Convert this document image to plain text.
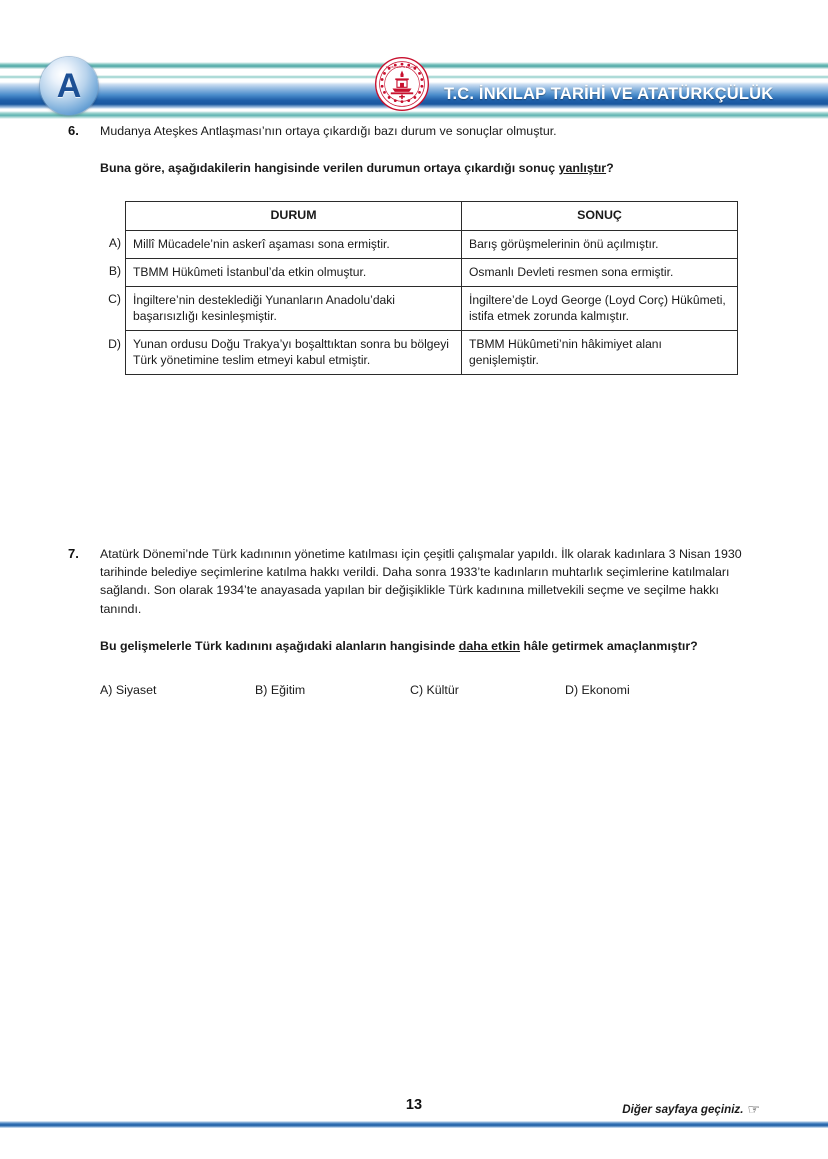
A	T.C. MİLLÎ EĞİTİM BAKANLIĞI
T.C. İNKILAP TARİHİ VE ATATÜRKÇÜLÜK
6. Mudanya Ateşkes Antlaşması’nın ortaya çıkardığı bazı durum ve sonuçlar olmuştur.
Buna göre, aşağıdakilerin hangisinde verilen durumun ortaya çıkardığı sonuç yanlıştır?
A)
B)
C)
D)
DURUM	SONUÇ
Millî Mücadele’nin askerî aşaması sona ermiştir.	Barış görüşmelerinin önü açılmıştır.
TBMM Hükûmeti İstanbul’da etkin olmuştur.	Osmanlı Devleti resmen sona ermiştir.
İngiltere’nin desteklediği Yunanların Anadolu’daki başarısızlığı kesinleşmiştir.	İngiltere’de Loyd George (Loyd Corç) Hükûmeti, istifa etmek zorunda kalmıştır.
Yunan ordusu Doğu Trakya’yı boşalttıktan sonra bu bölgeyi Türk yönetimine teslim etmeyi kabul etmiştir.	TBMM Hükûmeti’nin hâkimiyet alanı genişlemiştir.
7. Atatürk Dönemi’nde Türk kadınının yönetime katılması için çeşitli çalışmalar yapıldı. İlk olarak kadınlara 3 Nisan 1930 tarihinde belediye seçimlerine katılma hakkı verildi. Daha sonra 1933’te kadınların muhtarlık seçimlerine katılmaları sağlandı. Son olarak 1934’te anayasada yapılan bir değişiklikle Türk kadınına milletvekili seçme ve seçilme hakkı tanındı.
Bu gelişmelerle Türk kadınını aşağıdaki alanların hangisinde daha etkin hâle getirmek amaçlanmıştır?
A) Siyaset	B) Eğitim	C) Kültür	D) Ekonomi
13	Diğer sayfaya geçiniz. ☞
